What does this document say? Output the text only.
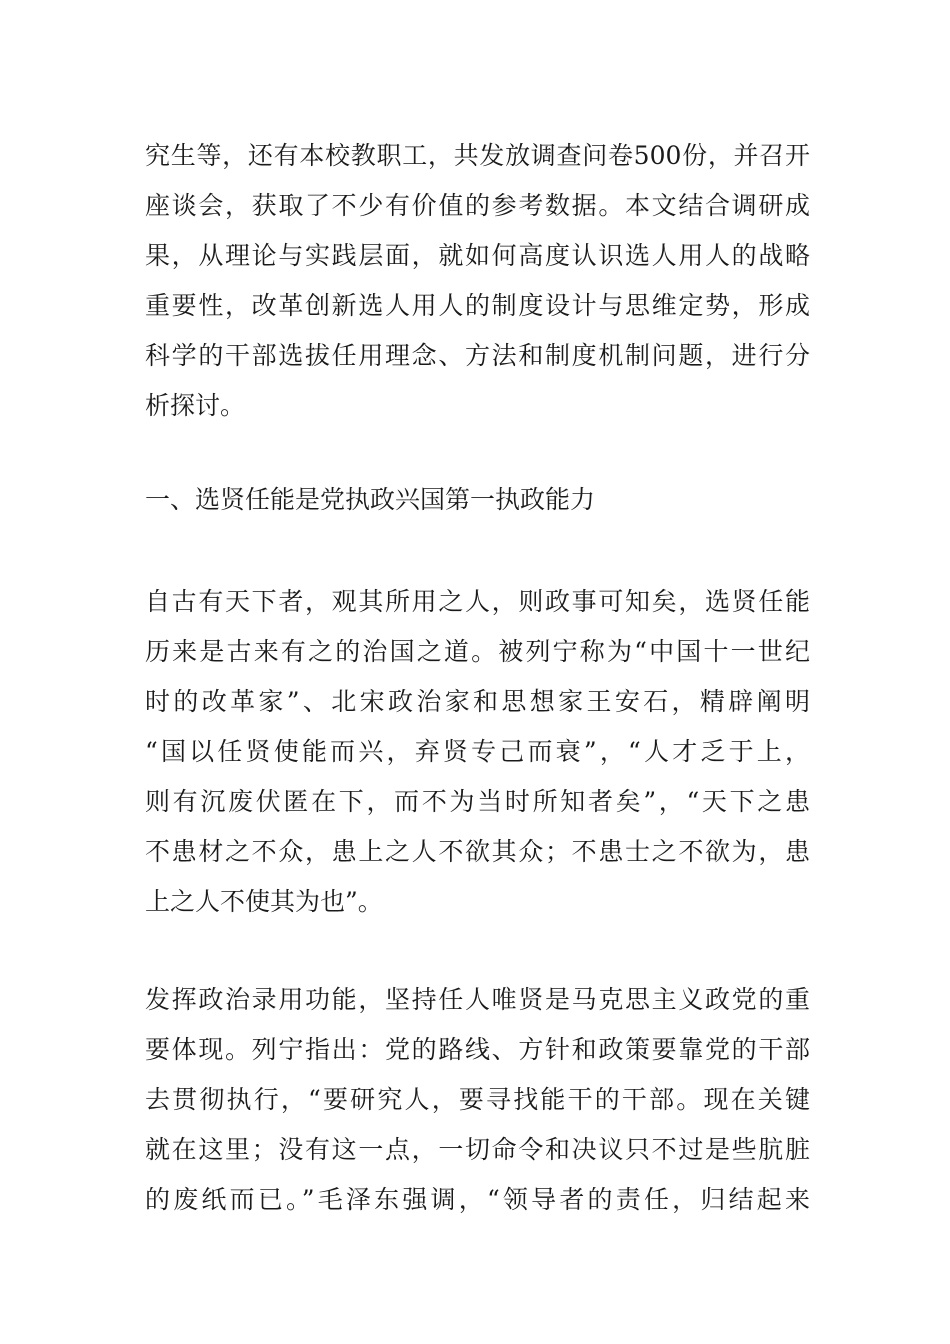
究生等，还有本校教职工，共发放调查问卷500份，并召开
座谈会，获取了不少有价值的参考数据。本文结合调研成
果，从理论与实践层面，就如何高度认识选人用人的战略
重要性，改革创新选人用人的制度设计与思维定势，形成
科学的干部选拔任用理念、方法和制度机制问题，进行分
析探讨。
一、选贤任能是党执政兴国第一执政能力
自古有天下者，观其所用之人，则政事可知矣，选贤任能
历来是古来有之的治国之道。被列宁称为“中国十一世纪
时的改革家”、北宋政治家和思想家王安石，精辟阐明
“国以任贤使能而兴，弃贤专己而衰”，“人才乏于上，
则有沉废伏匿在下，而不为当时所知者矣”，“天下之患
不患材之不众，患上之人不欲其众；不患士之不欲为，患
上之人不使其为也”。
发挥政治录用功能，坚持任人唯贤是马克思主义政党的重
要体现。列宁指出：党的路线、方针和政策要靠党的干部
去贯彻执行，“要研究人，要寻找能干的干部。现在关键
就在这里；没有这一点，一切命令和决议只不过是些肮脏
的废纸而已。”毛泽东强调，“领导者的责任，归结起来
